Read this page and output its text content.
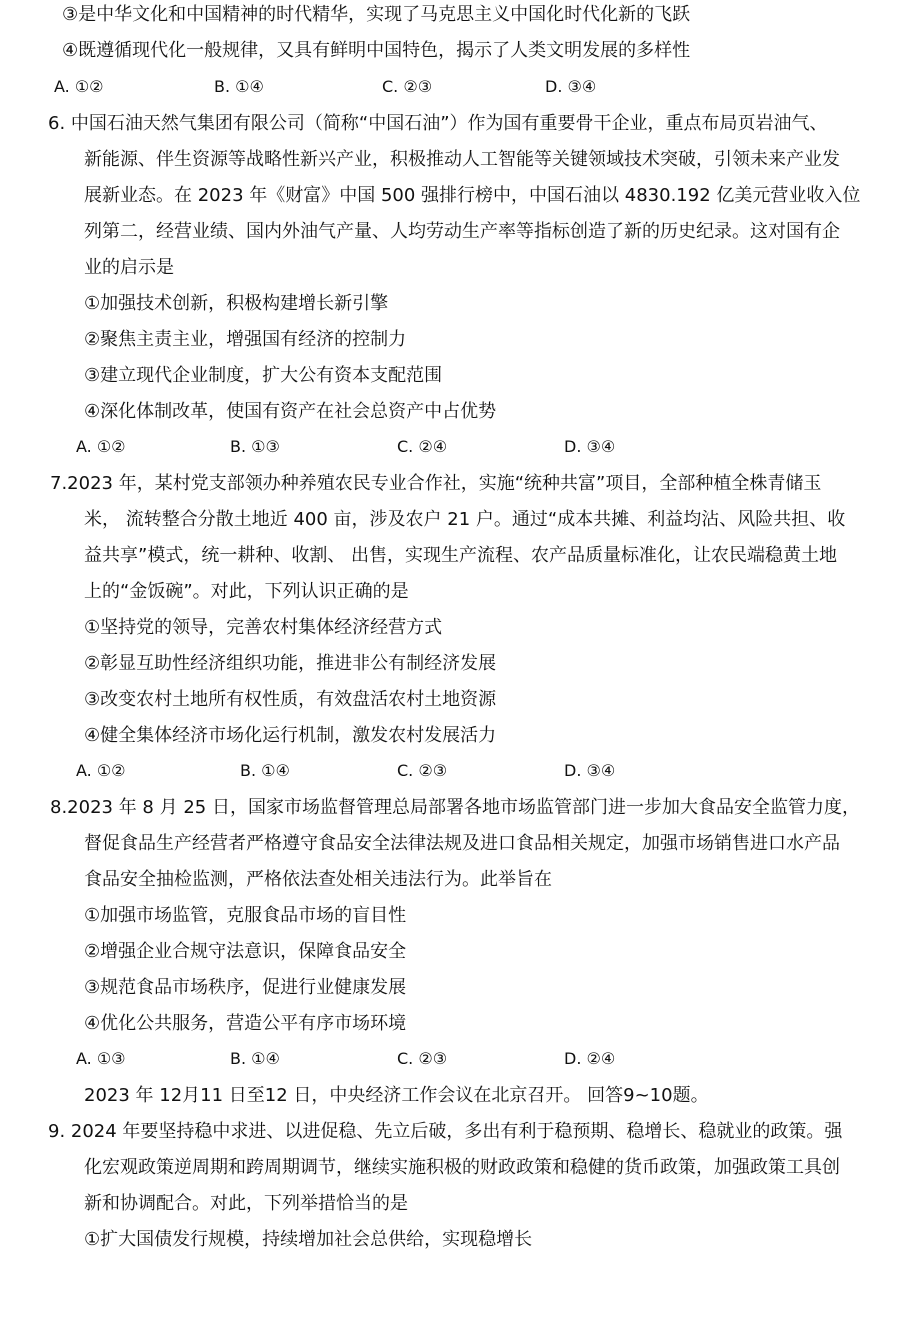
③是中华文化和中国精神的时代精华，实现了马克思主义中国化时代化新的飞跃
④既遵循现代化一般规律，又具有鲜明中国特色，揭示了人类文明发展的多样性
A. ①②	B. ①④	C. ②③	D. ③④
6. 中国石油天然气集团有限公司（简称“中国石油”）作为国有重要骨干企业，重点布局页岩油气、
新能源、伴生资源等战略性新兴产业，积极推动人工智能等关键领域技术突破，引领未来产业发
展新业态。在 2023 年《财富》中国 500 强排行榜中，中国石油以 4830.192 亿美元营业收入位
列第二，经营业绩、国内外油气产量、人均劳动生产率等指标创造了新的历史纪录。这对国有企
业的启示是
①加强技术创新，积极构建增长新引擎
②聚焦主责主业，增强国有经济的控制力
③建立现代企业制度，扩大公有资本支配范围
④深化体制改革，使国有资产在社会总资产中占优势
A. ①②	B. ①③	C. ②④	D. ③④
7.2023 年，某村党支部领办种养殖农民专业合作社，实施“统种共富”项目，全部种植全株青储玉
米， 流转整合分散土地近 400 亩，涉及农户 21 户。通过“成本共摊、利益均沾、风险共担、收
益共享”模式，统一耕种、收割、 出售，实现生产流程、农产品质量标准化，让农民端稳黄土地
上的“金饭碗”。对此，下列认识正确的是
①坚持党的领导，完善农村集体经济经营方式
②彰显互助性经济组织功能，推进非公有制经济发展
③改变农村土地所有权性质，有效盘活农村土地资源
④健全集体经济市场化运行机制，激发农村发展活力
A. ①②	B. ①④	C. ②③	D. ③④
8.2023 年 8 月 25 日，国家市场监督管理总局部署各地市场监管部门进一步加大食品安全监管力度，
督促食品生产经营者严格遵守食品安全法律法规及进口食品相关规定，加强市场销售进口水产品
食品安全抽检监测，严格依法查处相关违法行为。此举旨在
①加强市场监管，克服食品市场的盲目性
②增强企业合规守法意识，保障食品安全
③规范食品市场秩序，促进行业健康发展
④优化公共服务，营造公平有序市场环境
A. ①③	B. ①④	C. ②③	D. ②④
2023 年 12月11 日至12 日，中央经济工作会议在北京召开。 回答9~10题。
9. 2024 年要坚持稳中求进、以进促稳、先立后破，多出有利于稳预期、稳增长、稳就业的政策。强
化宏观政策逆周期和跨周期调节，继续实施积极的财政政策和稳健的货币政策，加强政策工具创
新和协调配合。对此，下列举措恰当的是
①扩大国债发行规模，持续增加社会总供给，实现稳增长
